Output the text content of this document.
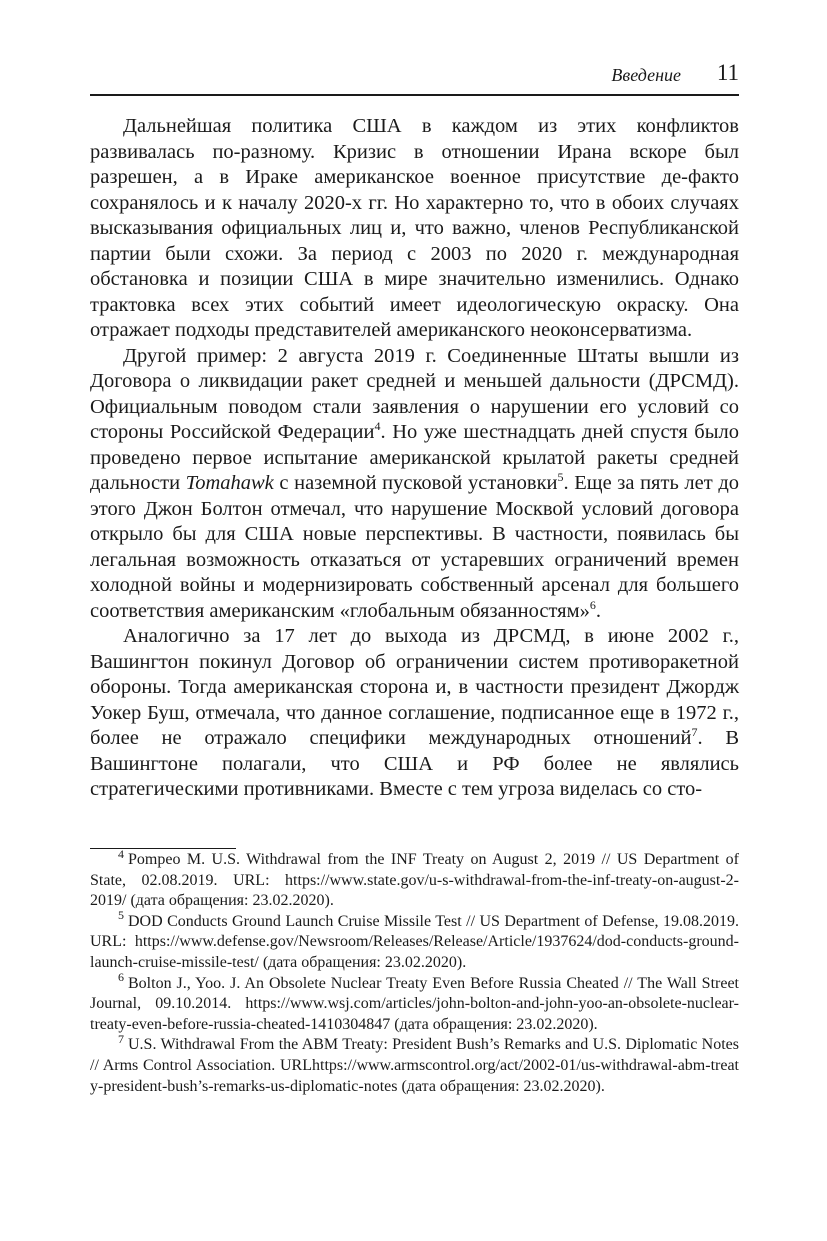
Введение 11

Дальнейшая политика США в каждом из этих конфликтов развивалась по-разному. Кризис в отношении Ирана вскоре был разрешен, а в Ираке американское военное присутствие де-факто сохранялось и к началу 2020-х гг. Но характерно то, что в обоих случаях высказывания официальных лиц и, что важно, членов Республиканской партии были схожи. За период с 2003 по 2020 г. международная обстановка и позиции США в мире значительно изменились. Однако трактовка всех этих событий имеет идеологическую окраску. Она отражает подходы представителей американского неоконсерватизма.

Другой пример: 2 августа 2019 г. Соединенные Штаты вышли из Договора о ликвидации ракет средней и меньшей дальности (ДРСМД). Официальным поводом стали заявления о нарушении его условий со стороны Российской Федерации$^4$. Но уже шестнадцать дней спустя было проведено первое испытание американской крылатой ракеты средней дальности Tomahawk с наземной пусковой установки$^5$. Еще за пять лет до этого Джон Болтон отмечал, что нарушение Москвой условий договора открыло бы для США новые перспективы. В частности, появилась бы легальная возможность отказаться от устаревших ограничений времен холодной войны и модернизировать собственный арсенал для большего соответствия американским «глобальным обязанностям»$^6$.

Аналогично за 17 лет до выхода из ДРСМД, в июне 2002 г., Вашингтон покинул Договор об ограничении систем противоракетной обороны. Тогда американская сторона и, в частности президент Джордж Уокер Буш, отмечала, что данное соглашение, подписанное еще в 1972 г., более не отражало специфики международных отношений$^7$. В Вашингтоне полагали, что США и РФ более не являлись стратегическими противниками. Вместе с тем угроза виделась со сто-

$^4$ Pompeo M. U.S. Withdrawal from the INF Treaty on August 2, 2019 // US Department of State, 02.08.2019. URL: https://www.state.gov/u-s-withdrawal-from-the-inf-treaty-on-august-2-2019/ (дата обращения: 23.02.2020).

$^5$ DOD Conducts Ground Launch Cruise Missile Test // US Department of Defense, 19.08.2019. URL: https://www.defense.gov/Newsroom/Releases/Release/Article/1937624/dod-conducts-ground-launch-cruise-missile-test/ (дата обращения: 23.02.2020).

$^6$ Bolton J., Yoo. J. An Obsolete Nuclear Treaty Even Before Russia Cheated // The Wall Street Journal, 09.10.2014. https://www.wsj.com/articles/john-bolton-and-john-yoo-an-obsolete-nuclear-treaty-even-before-russia-cheated-1410304847 (дата обращения: 23.02.2020).

$^7$ U.S. Withdrawal From the ABM Treaty: President Bush’s Remarks and U.S. Diplomatic Notes // Arms Control Association. URLhttps://www.armscontrol.org/act/2002-01/us-withdrawal-abm-treaty-president-bush’s-remarks-us-diplomatic-notes (дата обращения: 23.02.2020).
